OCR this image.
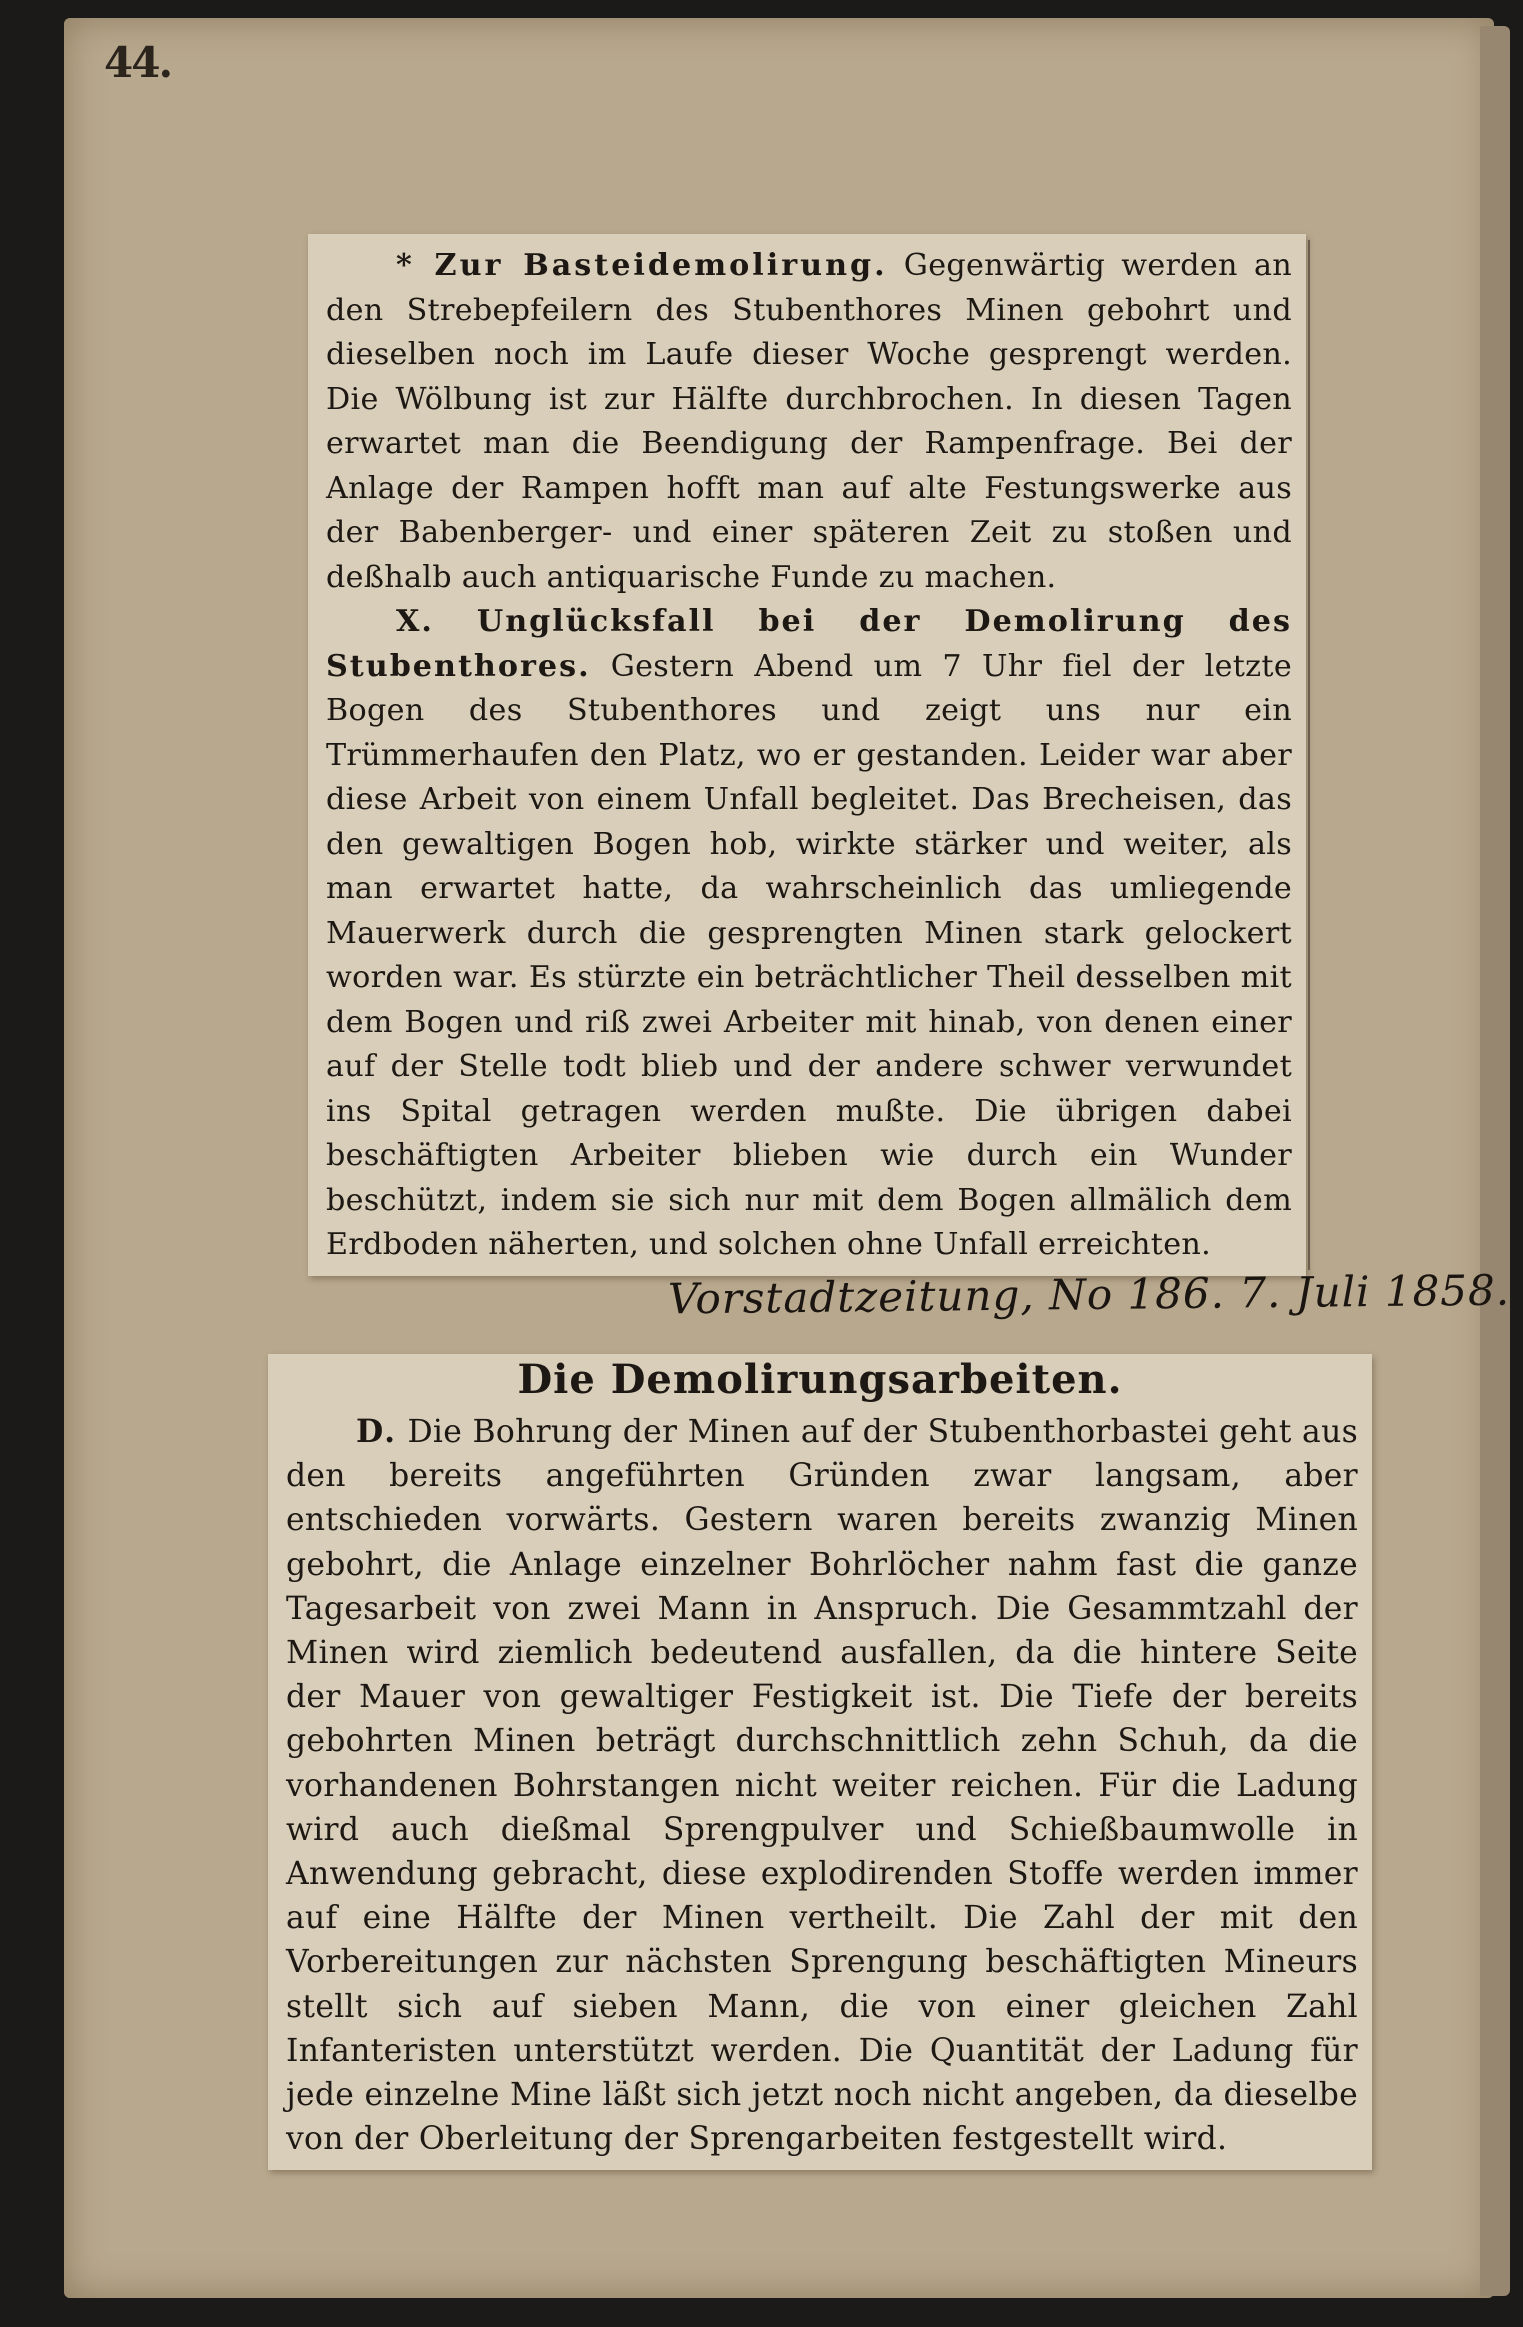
44.

* Zur Basteidemolirung. Gegenwärtig werden an den Strebepfeilern des Stubenthores Minen gebohrt und dieselben noch im Laufe dieser Woche gesprengt werden. Die Wölbung ist zur Hälfte durchbrochen. In diesen Tagen erwartet man die Beendigung der Rampenfrage. Bei der Anlage der Rampen hofft man auf alte Festungswerke aus der Babenberger- und einer späteren Zeit zu stoßen und deßhalb auch antiquarische Funde zu machen.

X. Unglücksfall bei der Demolirung des Stubenthores. Gestern Abend um 7 Uhr fiel der letzte Bogen des Stubenthores und zeigt uns nur ein Trümmerhaufen den Platz, wo er gestanden. Leider war aber diese Arbeit von einem Unfall begleitet. Das Brecheisen, das den gewaltigen Bogen hob, wirkte stärker und weiter, als man erwartet hatte, da wahrscheinlich das umliegende Mauerwerk durch die gesprengten Minen stark gelockert worden war. Es stürzte ein beträchtlicher Theil desselben mit dem Bogen und riß zwei Arbeiter mit hinab, von denen einer auf der Stelle todt blieb und der andere schwer verwundet ins Spital getragen werden mußte. Die übrigen dabei beschäftigten Arbeiter blieben wie durch ein Wunder beschützt, indem sie sich nur mit dem Bogen allmälich dem Erdboden näherten, und solchen ohne Unfall erreichten.

Vorstadtzeitung, No 186. 7. Juli 1858.
Die Demolirungsarbeiten.

D. Die Bohrung der Minen auf der Stubenthorbastei geht aus den bereits angeführten Gründen zwar langsam, aber entschieden vorwärts. Gestern waren bereits zwanzig Minen gebohrt, die Anlage einzelner Bohrlöcher nahm fast die ganze Tagesarbeit von zwei Mann in Anspruch. Die Gesammtzahl der Minen wird ziemlich bedeutend ausfallen, da die hintere Seite der Mauer von gewaltiger Festigkeit ist. Die Tiefe der bereits gebohrten Minen beträgt durchschnittlich zehn Schuh, da die vorhandenen Bohrstangen nicht weiter reichen. Für die Ladung wird auch dießmal Sprengpulver und Schießbaumwolle in Anwendung gebracht, diese explodirenden Stoffe werden immer auf eine Hälfte der Minen vertheilt. Die Zahl der mit den Vorbereitungen zur nächsten Sprengung beschäftigten Mineurs stellt sich auf sieben Mann, die von einer gleichen Zahl Infanteristen unterstützt werden. Die Quantität der Ladung für jede einzelne Mine läßt sich jetzt noch nicht angeben, da dieselbe von der Oberleitung der Sprengarbeiten festgestellt wird.
